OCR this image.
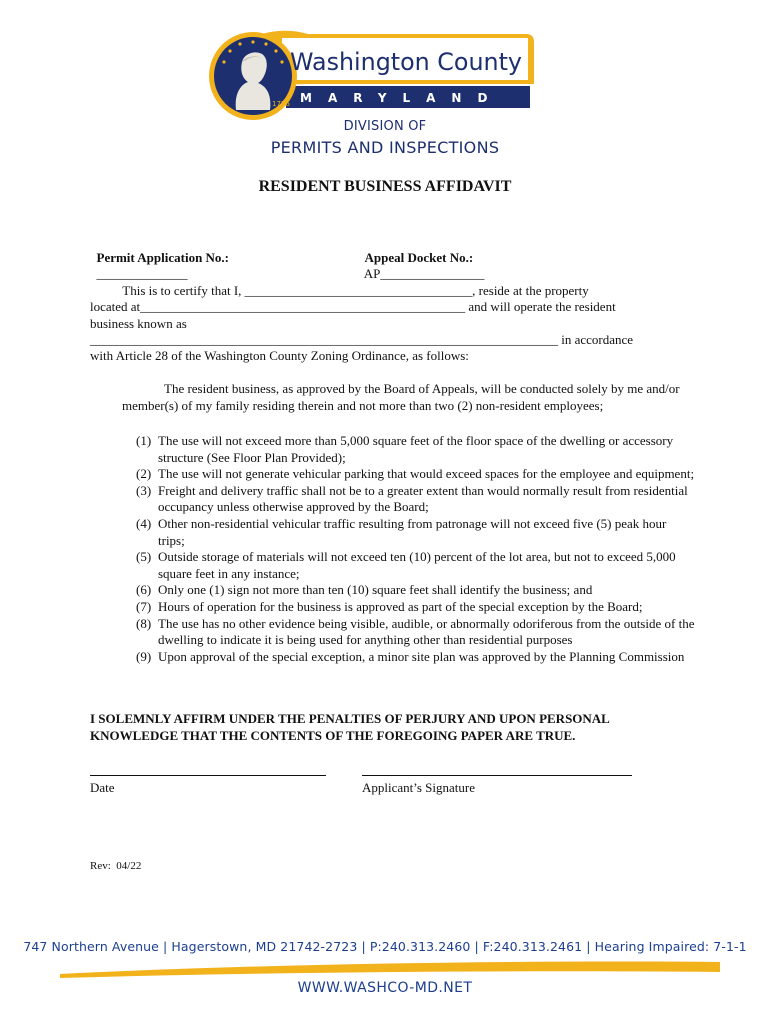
1776
Washington County
MARYLAND
DIVISION OF
PERMITS AND INSPECTIONS
RESIDENT BUSINESS AFFIDAVIT

Permit Application No.:
______________

Appeal Docket No.:
AP________________

This is to certify that I, ___________________________________, reside at the property
located at__________________________________________________ and will operate the resident
business known as
________________________________________________________________________ in accordance
with Article 28 of the Washington County Zoning Ordinance, as follows:
The resident business, as approved by the Board of Appeals, will be conducted solely by me and/or member(s) of my family residing therein and not more than two (2) non-resident employees;
(1) The use will not exceed more than 5,000 square feet of the floor space of the dwelling or accessory structure (See Floor Plan Provided);
(2) The use will not generate vehicular parking that would exceed spaces for the employee and equipment;
(3) Freight and delivery traffic shall not be to a greater extent than would normally result from residential occupancy unless otherwise approved by the Board;
(4) Other non-residential vehicular traffic resulting from patronage will not exceed five (5) peak hour trips;
(5) Outside storage of materials will not exceed ten (10) percent of the lot area, but not to exceed 5,000 square feet in any instance;
(6) Only one (1) sign not more than ten (10) square feet shall identify the business; and
(7) Hours of operation for the business is approved as part of the special exception by the Board;
(8) The use has no other evidence being visible, audible, or abnormally odoriferous from the outside of the dwelling to indicate it is being used for anything other than residential purposes
(9) Upon approval of the special exception, a minor site plan was approved by the Planning Commission
I SOLEMNLY AFFIRM UNDER THE PENALTIES OF PERJURY AND UPON PERSONAL KNOWLEDGE THAT THE CONTENTS OF THE FOREGOING PAPER ARE TRUE.
Date	Applicant’s Signature
Rev:  04/22
747 Northern Avenue | Hagerstown, MD 21742-2723 | P:240.313.2460 | F:240.313.2461 | Hearing Impaired: 7-1-1
WWW.WASHCO-MD.NET
